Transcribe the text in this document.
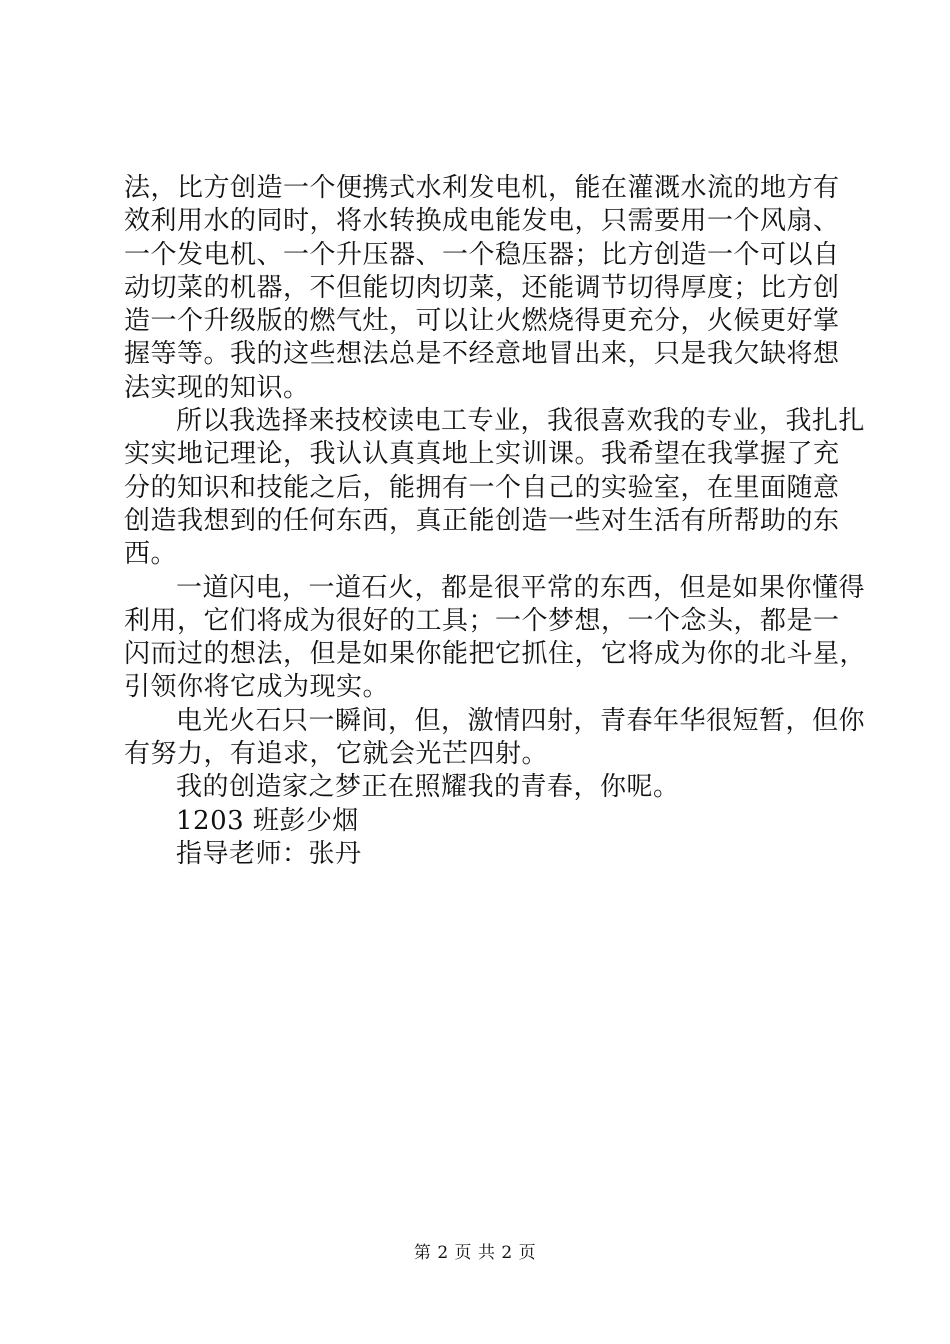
法，比方创造一个便携式水利发电机，能在灌溉水流的地方有
效利用水的同时，将水转换成电能发电，只需要用一个风扇、
一个发电机、一个升压器、一个稳压器；比方创造一个可以自
动切菜的机器，不但能切肉切菜，还能调节切得厚度；比方创
造一个升级版的燃气灶，可以让火燃烧得更充分，火候更好掌
握等等。我的这些想法总是不经意地冒出来，只是我欠缺将想
法实现的知识。
所以我选择来技校读电工专业，我很喜欢我的专业，我扎扎
实实地记理论，我认认真真地上实训课。我希望在我掌握了充
分的知识和技能之后，能拥有一个自己的实验室，在里面随意
创造我想到的任何东西，真正能创造一些对生活有所帮助的东
西。
一道闪电，一道石火，都是很平常的东西，但是如果你懂得
利用，它们将成为很好的工具；一个梦想，一个念头，都是一
闪而过的想法，但是如果你能把它抓住，它将成为你的北斗星，
引领你将它成为现实。
电光火石只一瞬间，但，激情四射，青春年华很短暂，但你
有努力，有追求，它就会光芒四射。
我的创造家之梦正在照耀我的青春，你呢。
1203 班彭少烟
指导老师：张丹
第 2 页 共 2 页
